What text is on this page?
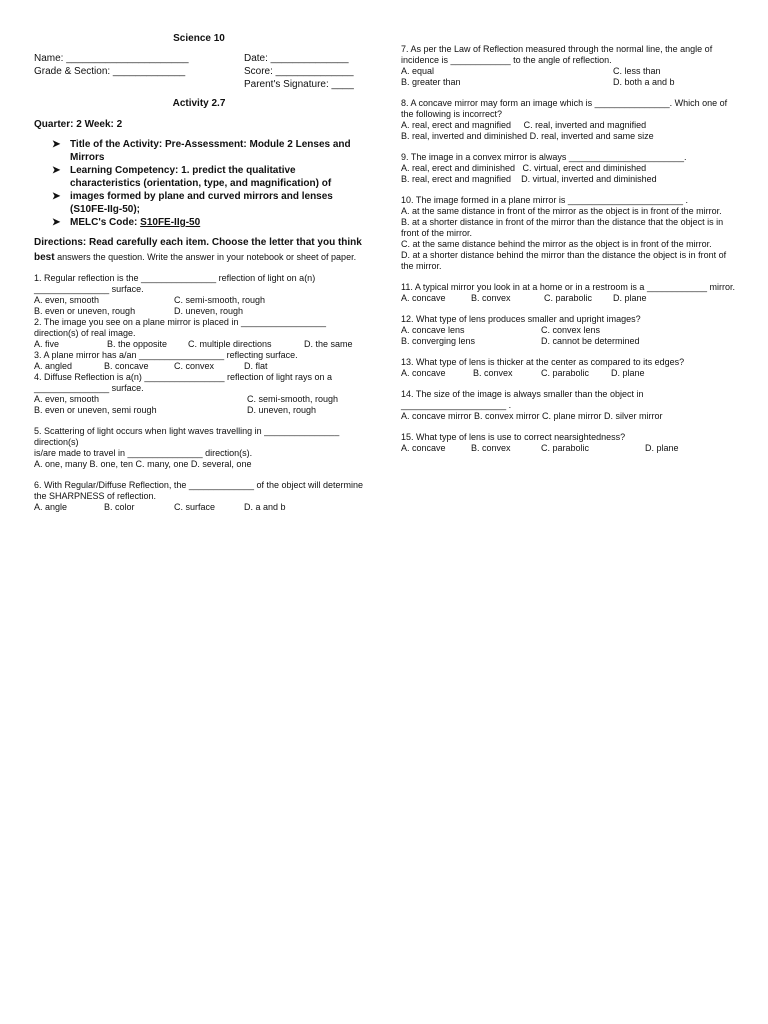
Science 10
Name: ______________________
Grade & Section: _____________
Date: ______________
Score: ______________
Parent's Signature: ____
Activity 2.7
Quarter: 2 Week: 2
➤ Title of the Activity: Pre-Assessment: Module 2 Lenses and Mirrors
➤ Learning Competency: 1. predict the qualitative characteristics (orientation, type, and magnification) of
➤ images formed by plane and curved mirrors and lenses (S10FE-IIg-50);
➤ MELC's Code: S10FE-IIg-50
Directions: Read carefully each item. Choose the letter that you think best answers the question. Write the answer in your notebook or sheet of paper.
1. Regular reflection is the _______________ reflection of light on a(n) _______________ surface.
A. even, smooth	C. semi-smooth, rough
B. even or uneven, rough	D. uneven, rough
2. The image you see on a plane mirror is placed in _________________ direction(s) of real image.
A. five	B. the opposite C. multiple directions	D. the same
3. A plane mirror has a/an _________________ reflecting surface.
A. angled	B. concave	C. convex	D. flat
4. Diffuse Reflection is a(n) ________________ reflection of light rays on a _______________ surface.
A. even, smooth	C. semi-smooth, rough
B. even or uneven, semi rough	D. uneven, rough
5. Scattering of light occurs when light waves travelling in _______________ direction(s)
is/are made to travel in _______________ direction(s).
A. one, many B. one, ten C. many, one D. several, one
6. With Regular/Diffuse Reflection, the _____________ of the object will determine the SHARPNESS of reflection.
A. angle	B. color	C. surface	D. a and b
7. As per the Law of Reflection measured through the normal line, the angle of incidence is ____________ to the angle of reflection.
A. equal	C. less than
B. greater than	D. both a and b
8. A concave mirror may form an image which is _______________. Which one of the following is incorrect?
A. real, erect and magnified     C. real, inverted and magnified
B. real, inverted and diminished D. real, inverted and same size
9. The image in a convex mirror is always _______________________.
A. real, erect and diminished   C. virtual, erect and diminished
B. real, erect and magnified    D. virtual, inverted and diminished
10. The image formed in a plane mirror is _______________________ .
A. at the same distance in front of the mirror as the object is in front of the mirror.
B. at a shorter distance in front of the mirror than the distance that the object is in front of the mirror.
C. at the same distance behind the mirror as the object is in front of the mirror.
D. at a shorter distance behind the mirror than the distance the object is in front of the mirror.
11. A typical mirror you look in at a home or in a restroom is a ____________ mirror.
A. concave	B. convex	C. parabolic D. plane
12. What type of lens produces smaller and upright images?
A. concave lens	C. convex lens
B. converging lens	D. cannot be determined
13. What type of lens is thicker at the center as compared to its edges?
A. concave	B. convex	C. parabolic D. plane
14. The size of the image is always smaller than the object in _____________________ .
A. concave mirror B. convex mirror C. plane mirror D. silver mirror
15. What type of lens is use to correct nearsightedness?
A. concave	B. convex	C. parabolic	D. plane
